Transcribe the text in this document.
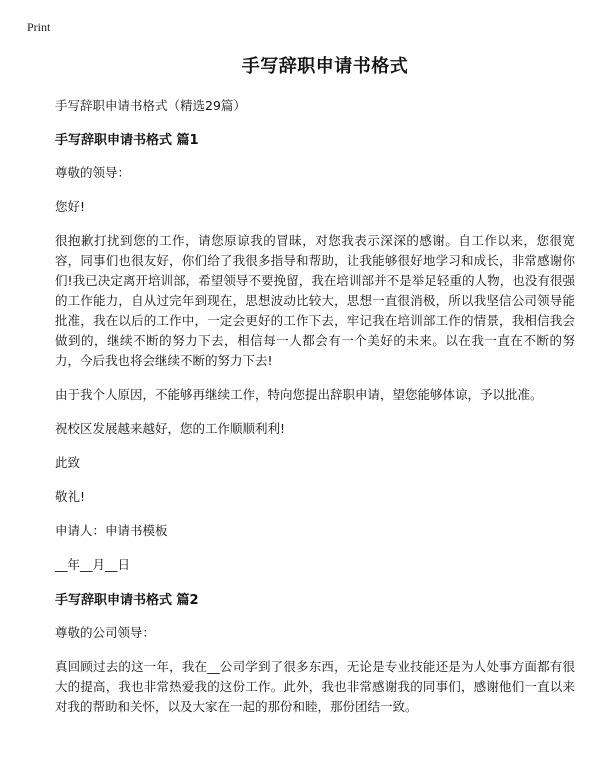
Print
手写辞职申请书格式
手写辞职申请书格式（精选29篇）
手写辞职申请书格式 篇1
尊敬的领导：
您好!
很抱歉打扰到您的工作，请您原谅我的冒昧，对您我表示深深的感谢。自工作以来，您很宽容，同事们也很友好，你们给了我很多指导和帮助，让我能够很好地学习和成长，非常感谢你们!我已决定离开培训部，希望领导不要挽留，我在培训部并不是举足轻重的人物，也没有很强的工作能力，自从过完年到现在，思想波动比较大，思想一直很消极，所以我坚信公司领导能批准，我在以后的工作中，一定会更好的工作下去，牢记我在培训部工作的情景，我相信我会做到的，继续不断的努力下去，相信每一人都会有一个美好的未来。以在我一直在不断的努力，今后我也将会继续不断的努力下去!
由于我个人原因，不能够再继续工作，特向您提出辞职申请，望您能够体谅，予以批准。
祝校区发展越来越好，您的工作顺顺利利!
此致
敬礼!
申请人：申请书模板
__年__月__日
手写辞职申请书格式 篇2
尊敬的公司领导：
真回顾过去的这一年，我在__公司学到了很多东西，无论是专业技能还是为人处事方面都有很大的提高，我也非常热爱我的这份工作。此外，我也非常感谢我的同事们，感谢他们一直以来对我的帮助和关怀，以及大家在一起的那份和睦，那份团结一致。
